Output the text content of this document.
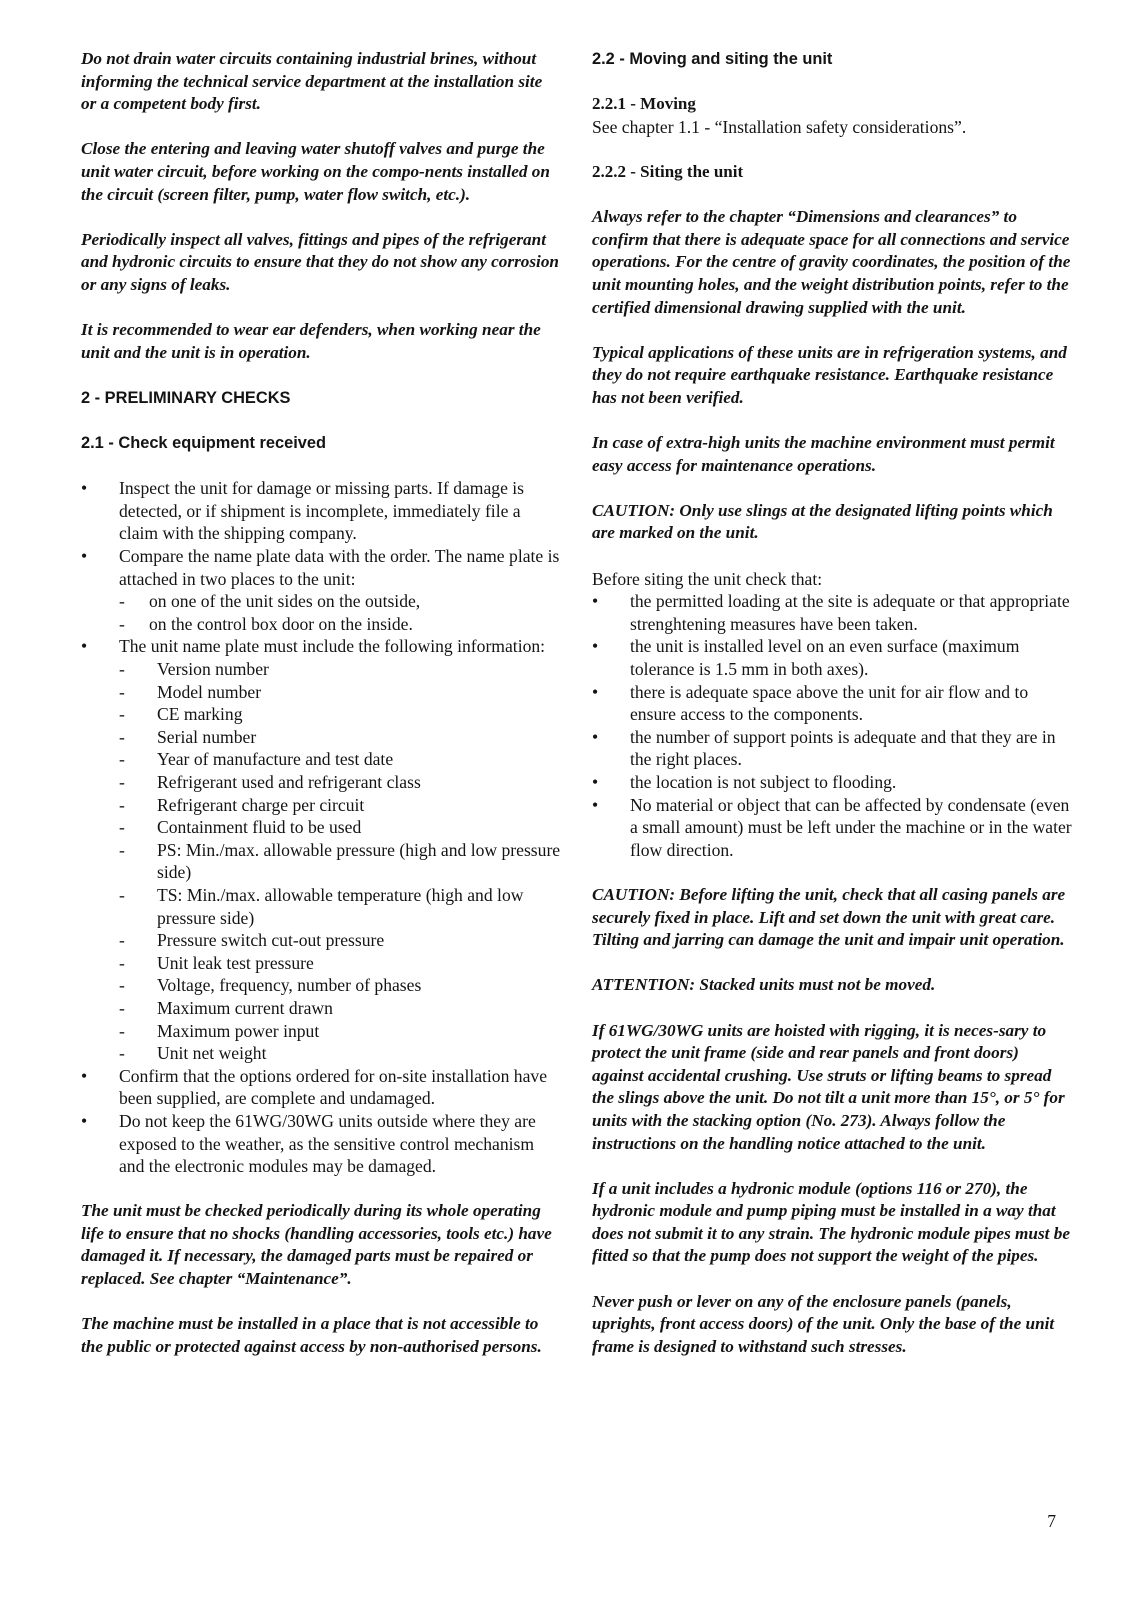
Do not drain water circuits containing industrial brines, without informing the technical service department at the installation site or a competent body first.

Close the entering and leaving water shutoff valves and purge the unit water circuit, before working on the compo-nents installed on the circuit (screen filter, pump, water flow switch, etc.).

Periodically inspect all valves, fittings and pipes of the refrigerant and hydronic circuits to ensure that they do not show any corrosion or any signs of leaks.

It is recommended to wear ear defenders, when working near the unit and the unit is in operation.

2 - PRELIMINARY CHECKS
2.1 - Check equipment received
• Inspect the unit for damage or missing parts. If damage is detected, or if shipment is incomplete, immediately file a claim with the shipping company.
• Compare the name plate data with the order. The name plate is attached in two places to the unit:
- on one of the unit sides on the outside,
- on the control box door on the inside.
• The unit name plate must include the following information:
- Version number
- Model number
- CE marking
- Serial number
- Year of manufacture and test date
- Refrigerant used and refrigerant class
- Refrigerant charge per circuit
- Containment fluid to be used
- PS: Min./max. allowable pressure (high and low pressure side)
- TS: Min./max. allowable temperature (high and low pressure side)
- Pressure switch cut-out pressure
- Unit leak test pressure
- Voltage, frequency, number of phases
- Maximum current drawn
- Maximum power input
- Unit net weight
• Confirm that the options ordered for on-site installation have been supplied, are complete and undamaged.
• Do not keep the 61WG/30WG units outside where they are exposed to the weather, as the sensitive control mechanism and the electronic modules may be damaged.

The unit must be checked periodically during its whole operating life to ensure that no shocks (handling accessories, tools etc.) have damaged it. If necessary, the damaged parts must be repaired or replaced. See chapter “Maintenance”.

The machine must be installed in a place that is not accessible to the public or protected against access by non-authorised persons.

2.2 - Moving and siting the unit
2.2.1 - Moving

See chapter 1.1 - “Installation safety considerations”.

2.2.2 - Siting the unit

Always refer to the chapter “Dimensions and clearances” to confirm that there is adequate space for all connections and service operations. For the centre of gravity coordinates, the position of the unit mounting holes, and the weight distribution points, refer to the certified dimensional drawing supplied with the unit.

Typical applications of these units are in refrigeration systems, and they do not require earthquake resistance. Earthquake resistance has not been verified.

In case of extra-high units the machine environment must permit easy access for maintenance operations.

CAUTION: Only use slings at the designated lifting points which are marked on the unit.

Before siting the unit check that:

• the permitted loading at the site is adequate or that appropriate strenghtening measures have been taken.
• the unit is installed level on an even surface (maximum tolerance is 1.5 mm in both axes).
• there is adequate space above the unit for air flow and to ensure access to the components.
• the number of support points is adequate and that they are in the right places.
• the location is not subject to flooding.
• No material or object that can be affected by condensate (even a small amount) must be left under the machine or in the water flow direction.

CAUTION: Before lifting the unit, check that all casing panels are securely fixed in place. Lift and set down the unit with great care. Tilting and jarring can damage the unit and impair unit operation.

ATTENTION: Stacked units must not be moved.

If 61WG/30WG units are hoisted with rigging, it is neces-sary to protect the unit frame (side and rear panels and front doors) against accidental crushing. Use struts or lifting beams to spread the slings above the unit. Do not tilt a unit more than 15°, or 5° for units with the stacking option (No. 273). Always follow the instructions on the handling notice attached to the unit.

If a unit includes a hydronic module (options 116 or 270), the hydronic module and pump piping must be installed in a way that does not submit it to any strain. The hydronic module pipes must be fitted so that the pump does not support the weight of the pipes.

Never push or lever on any of the enclosure panels (panels, uprights, front access doors) of the unit. Only the base of the unit frame is designed to withstand such stresses.

7
